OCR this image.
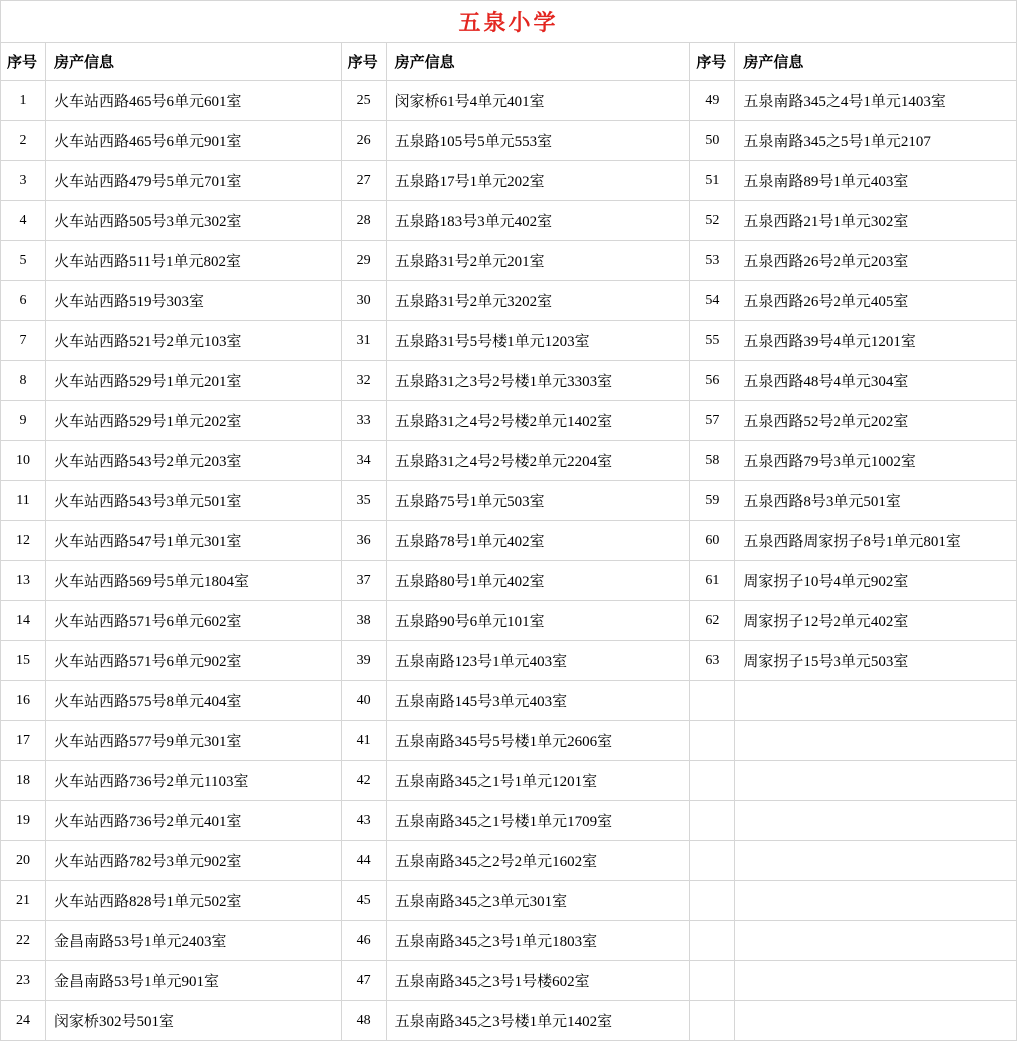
五泉小学
序号	房产信息
1	火车站西路465号6单元601室
2	火车站西路465号6单元901室
3	火车站西路479号5单元701室
4	火车站西路505号3单元302室
5	火车站西路511号1单元802室
6	火车站西路519号303室
7	火车站西路521号2单元103室
8	火车站西路529号1单元201室
9	火车站西路529号1单元202室
10	火车站西路543号2单元203室
11	火车站西路543号3单元501室
12	火车站西路547号1单元301室
13	火车站西路569号5单元1804室
14	火车站西路571号6单元602室
15	火车站西路571号6单元902室
16	火车站西路575号8单元404室
17	火车站西路577号9单元301室
18	火车站西路736号2单元1103室
19	火车站西路736号2单元401室
20	火车站西路782号3单元902室
21	火车站西路828号1单元502室
22	金昌南路53号1单元2403室
23	金昌南路53号1单元901室
24	闵家桥302号501室
序号	房产信息
25	闵家桥61号4单元401室
26	五泉路105号5单元553室
27	五泉路17号1单元202室
28	五泉路183号3单元402室
29	五泉路31号2单元201室
30	五泉路31号2单元3202室
31	五泉路31号5号楼1单元1203室
32	五泉路31之3号2号楼1单元3303室
33	五泉路31之4号2号楼2单元1402室
34	五泉路31之4号2号楼2单元2204室
35	五泉路75号1单元503室
36	五泉路78号1单元402室
37	五泉路80号1单元402室
38	五泉路90号6单元101室
39	五泉南路123号1单元403室
40	五泉南路145号3单元403室
41	五泉南路345号5号楼1单元2606室
42	五泉南路345之1号1单元1201室
43	五泉南路345之1号楼1单元1709室
44	五泉南路345之2号2单元1602室
45	五泉南路345之3单元301室
46	五泉南路345之3号1单元1803室
47	五泉南路345之3号1号楼602室
48	五泉南路345之3号楼1单元1402室
序号	房产信息
49	五泉南路345之4号1单元1403室
50	五泉南路345之5号1单元2107
51	五泉南路89号1单元403室
52	五泉西路21号1单元302室
53	五泉西路26号2单元203室
54	五泉西路26号2单元405室
55	五泉西路39号4单元1201室
56	五泉西路48号4单元304室
57	五泉西路52号2单元202室
58	五泉西路79号3单元1002室
59	五泉西路8号3单元501室
60	五泉西路周家拐子8号1单元801室
61	周家拐子10号4单元902室
62	周家拐子12号2单元402室
63	周家拐子15号3单元503室
